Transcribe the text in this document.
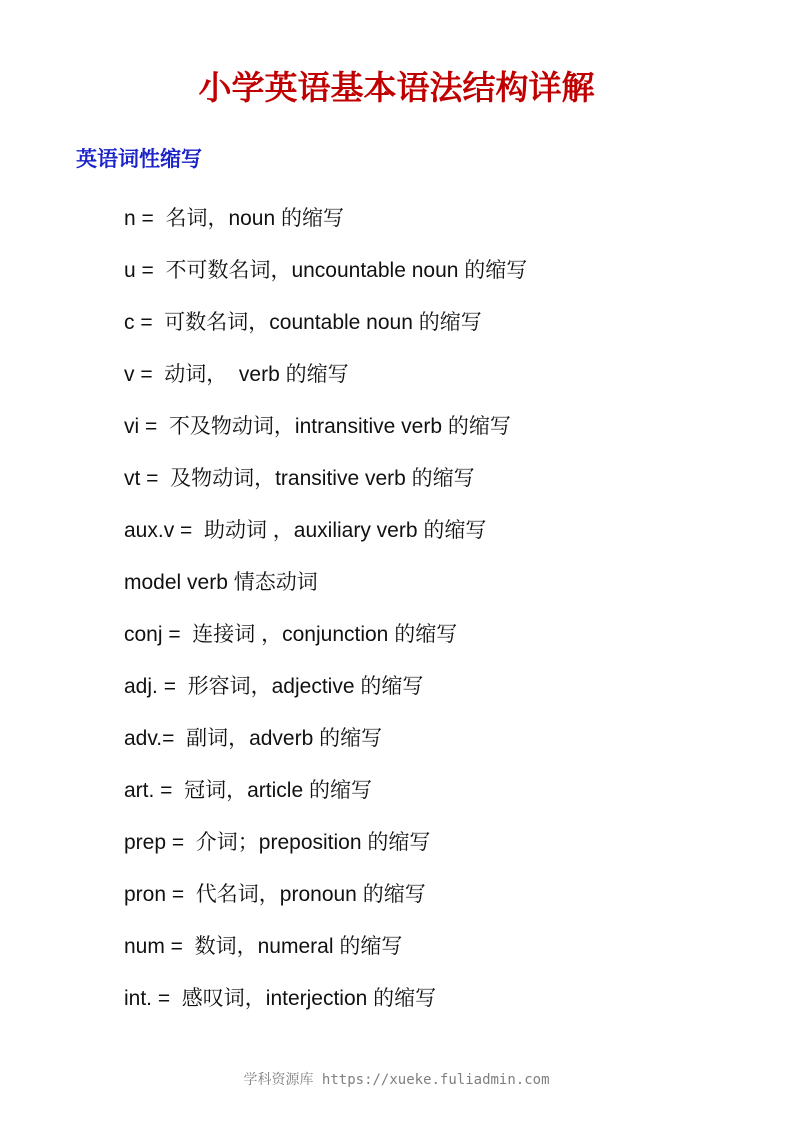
小学英语基本语法结构详解
英语词性缩写
n =  名词，noun 的缩写
u =  不可数名词，uncountable noun 的缩写
c =  可数名词，countable noun 的缩写
v =  动词，  verb 的缩写
vi =  不及物动词，intransitive verb 的缩写
vt =  及物动词，transitive verb 的缩写
aux.v =  助动词 ，auxiliary verb 的缩写
model verb 情态动词
conj =  连接词 ，conjunction 的缩写
adj. =  形容词，adjective 的缩写
adv.=  副词，adverb 的缩写
art. =  冠词，article 的缩写
prep =  介词；preposition 的缩写
pron =  代名词，pronoun 的缩写
num =  数词，numeral 的缩写
int. =  感叹词，interjection 的缩写
学科资源库 https://xueke.fuliadmin.com
